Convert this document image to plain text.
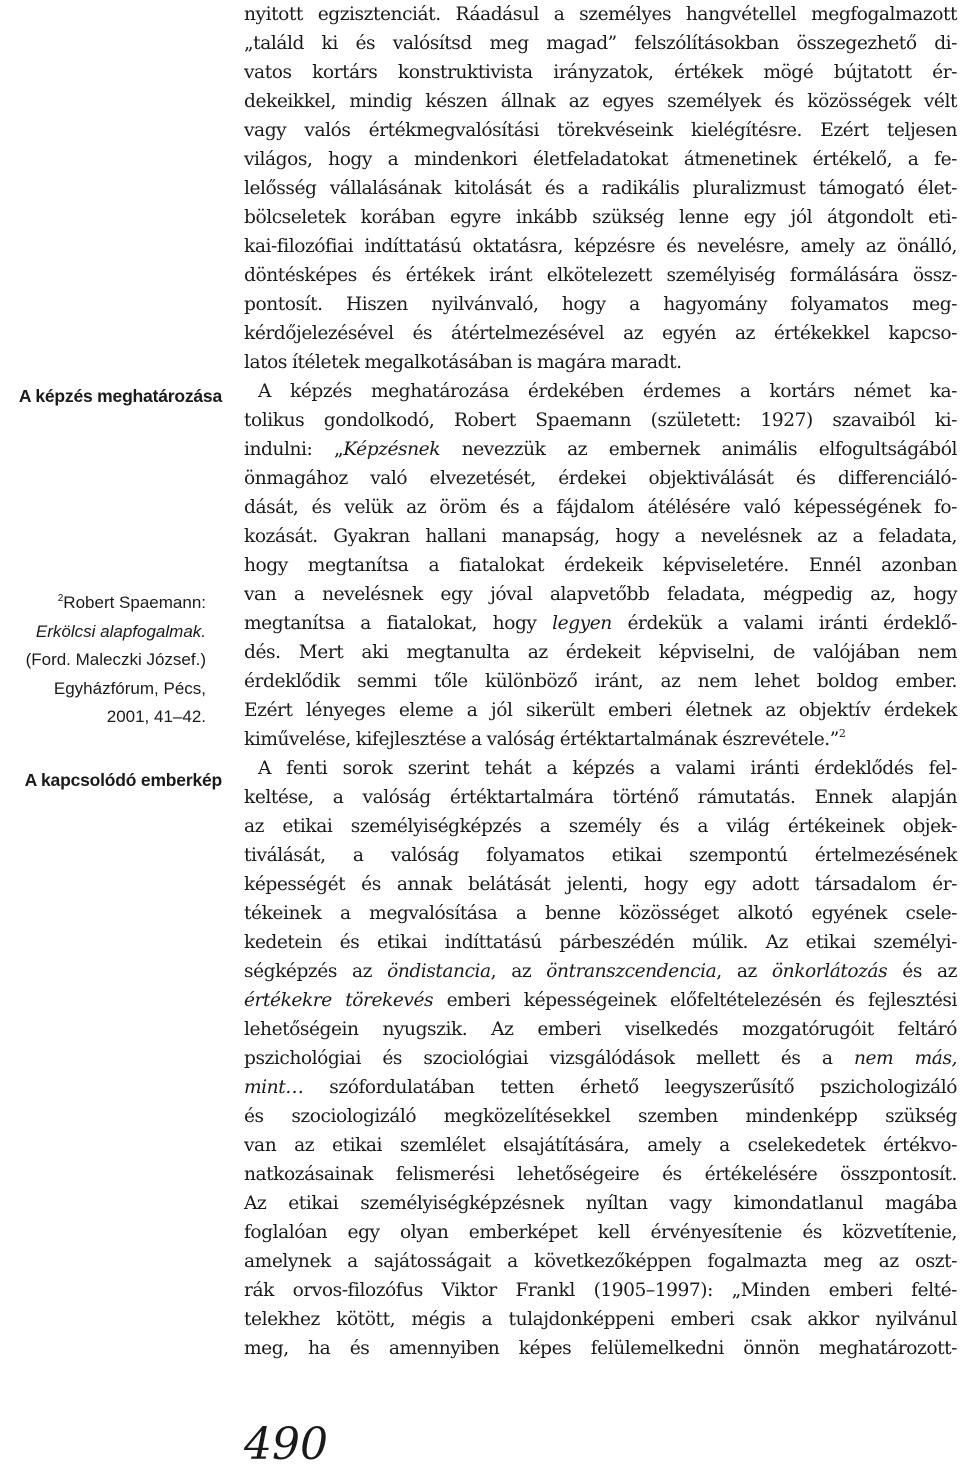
A képzés meghatározása
$^2$Robert Spaemann:
Erkölcsi alapfogalmak.
(Ford. Maleczki József.)
Egyházfórum, Pécs,
2001, 41–42.
A kapcsolódó emberkép

nyitott egzisztenciát. Ráadásul a személyes hangvétellel megfogalmazott
„találd ki és valósítsd meg magad” felszólításokban összegezhető di-
vatos kortárs konstruktivista irányzatok, értékek mögé bújtatott ér-
dekeikkel, mindig készen állnak az egyes személyek és közösségek vélt
vagy valós értékmegvalósítási törekvéseink kielégítésre. Ezért teljesen
világos, hogy a mindenkori életfeladatokat átmenetinek értékelő, a fe-
lelősség vállalásának kitolását és a radikális pluralizmust támogató élet-
bölcseletek korában egyre inkább szükség lenne egy jól átgondolt eti-
kai-filozófiai indíttatású oktatásra, képzésre és nevelésre, amely az önálló,
döntésképes és értékek iránt elkötelezett személyiség formálására össz-
pontosít. Hiszen nyilvánvaló, hogy a hagyomány folyamatos meg-
kérdőjelezésével és átértelmezésével az egyén az értékekkel kapcso-
latos ítéletek megalkotásában is magára maradt.

A képzés meghatározása érdekében érdemes a kortárs német ka-
tolikus gondolkodó, Robert Spaemann (született: 1927) szavaiból ki-
indulni: „Képzésnek nevezzük az embernek animális elfogultságából
önmagához való elvezetését, érdekei objektiválását és differenciáló-
dását, és velük az öröm és a fájdalom átélésére való képességének fo-
kozását. Gyakran hallani manapság, hogy a nevelésnek az a feladata,
hogy megtanítsa a fiatalokat érdekeik képviseletére. Ennél azonban
van a nevelésnek egy jóval alapvetőbb feladata, mégpedig az, hogy
megtanítsa a fiatalokat, hogy legyen érdekük a valami iránti érdeklő-
dés. Mert aki megtanulta az érdekeit képviselni, de valójában nem
érdeklődik semmi tőle különböző iránt, az nem lehet boldog ember.
Ezért lényeges eleme a jól sikerült emberi életnek az objektív érdekek
kiművelése, kifejlesztése a valóság értéktartalmának észrevétele.”$^2$

A fenti sorok szerint tehát a képzés a valami iránti érdeklődés fel-
keltése, a valóság értéktartalmára történő rámutatás. Ennek alapján
az etikai személyiségképzés a személy és a világ értékeinek objek-
tiválását, a valóság folyamatos etikai szempontú értelmezésének
képességét és annak belátását jelenti, hogy egy adott társadalom ér-
tékeinek a megvalósítása a benne közösséget alkotó egyének csele-
kedetein és etikai indíttatású párbeszédén múlik. Az etikai személyi-
ségképzés az öndistancia, az öntranszcendencia, az önkorlátozás és az
értékekre törekevés emberi képességeinek előfeltételezésén és fejlesztési
lehetőségein nyugszik. Az emberi viselkedés mozgatórugóit feltáró
pszichológiai és szociológiai vizsgálódások mellett és a nem más,
mint… szófordulatában tetten érhető leegyszerűsítő pszichologizáló
és szociologizáló megközelítésekkel szemben mindenképp szükség
van az etikai szemlélet elsajátítására, amely a cselekedetek értékvo-
natkozásainak felismerési lehetőségeire és értékelésére összpontosít.
Az etikai személyiségképzésnek nyíltan vagy kimondatlanul magába
foglalóan egy olyan emberképet kell érvényesítenie és közvetítenie,
amelynek a sajátosságait a következőképpen fogalmazta meg az oszt-
rák orvos-filozófus Viktor Frankl (1905–1997): „Minden emberi felté-
telekhez kötött, mégis a tulajdonképpeni emberi csak akkor nyilvánul
meg, ha és amennyiben képes felülemelkedni önnön meghatározott-

490
